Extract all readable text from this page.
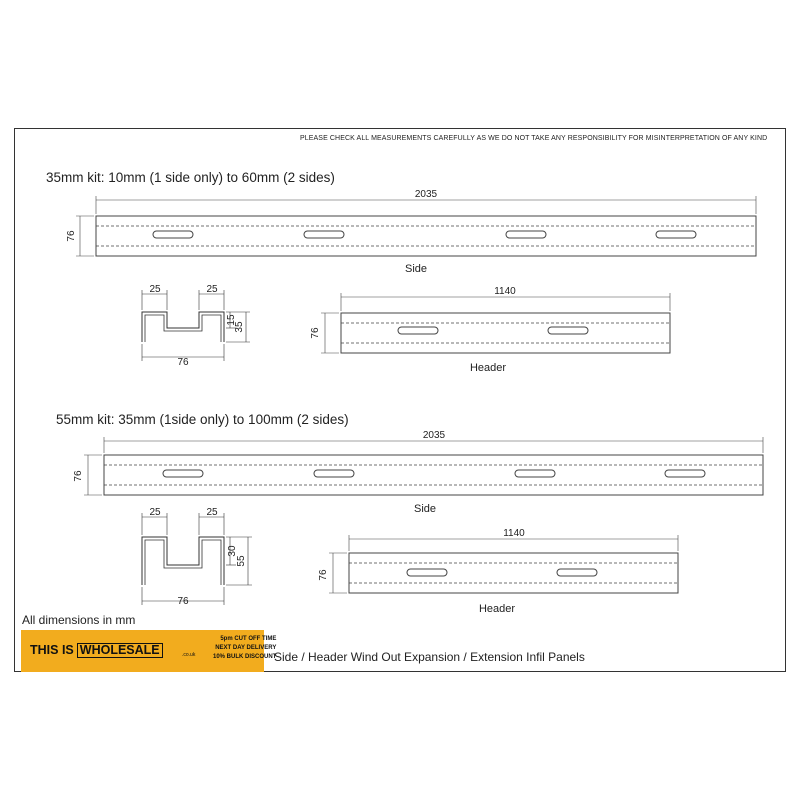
PLEASE CHECK ALL MEASUREMENTS CAREFULLY AS WE DO NOT TAKE ANY RESPONSIBILITY FOR MISINTERPRETATION OF ANY KIND
35mm kit: 10mm (1 side only) to 60mm (2 sides)
55mm kit: 35mm (1side only) to 100mm (2 sides)
2035
76
Side
25	25
15
35
76
1140
76
Header
2035
76
Side
25	25
30
55
76
1140
76
Header
All dimensions in mm
THIS IS WHOLESALE	.co.uk
5pm CUT OFF TIME
NEXT DAY DELIVERY
10% BULK DISCOUNT
Side / Header Wind Out Expansion / Extension Infil Panels
